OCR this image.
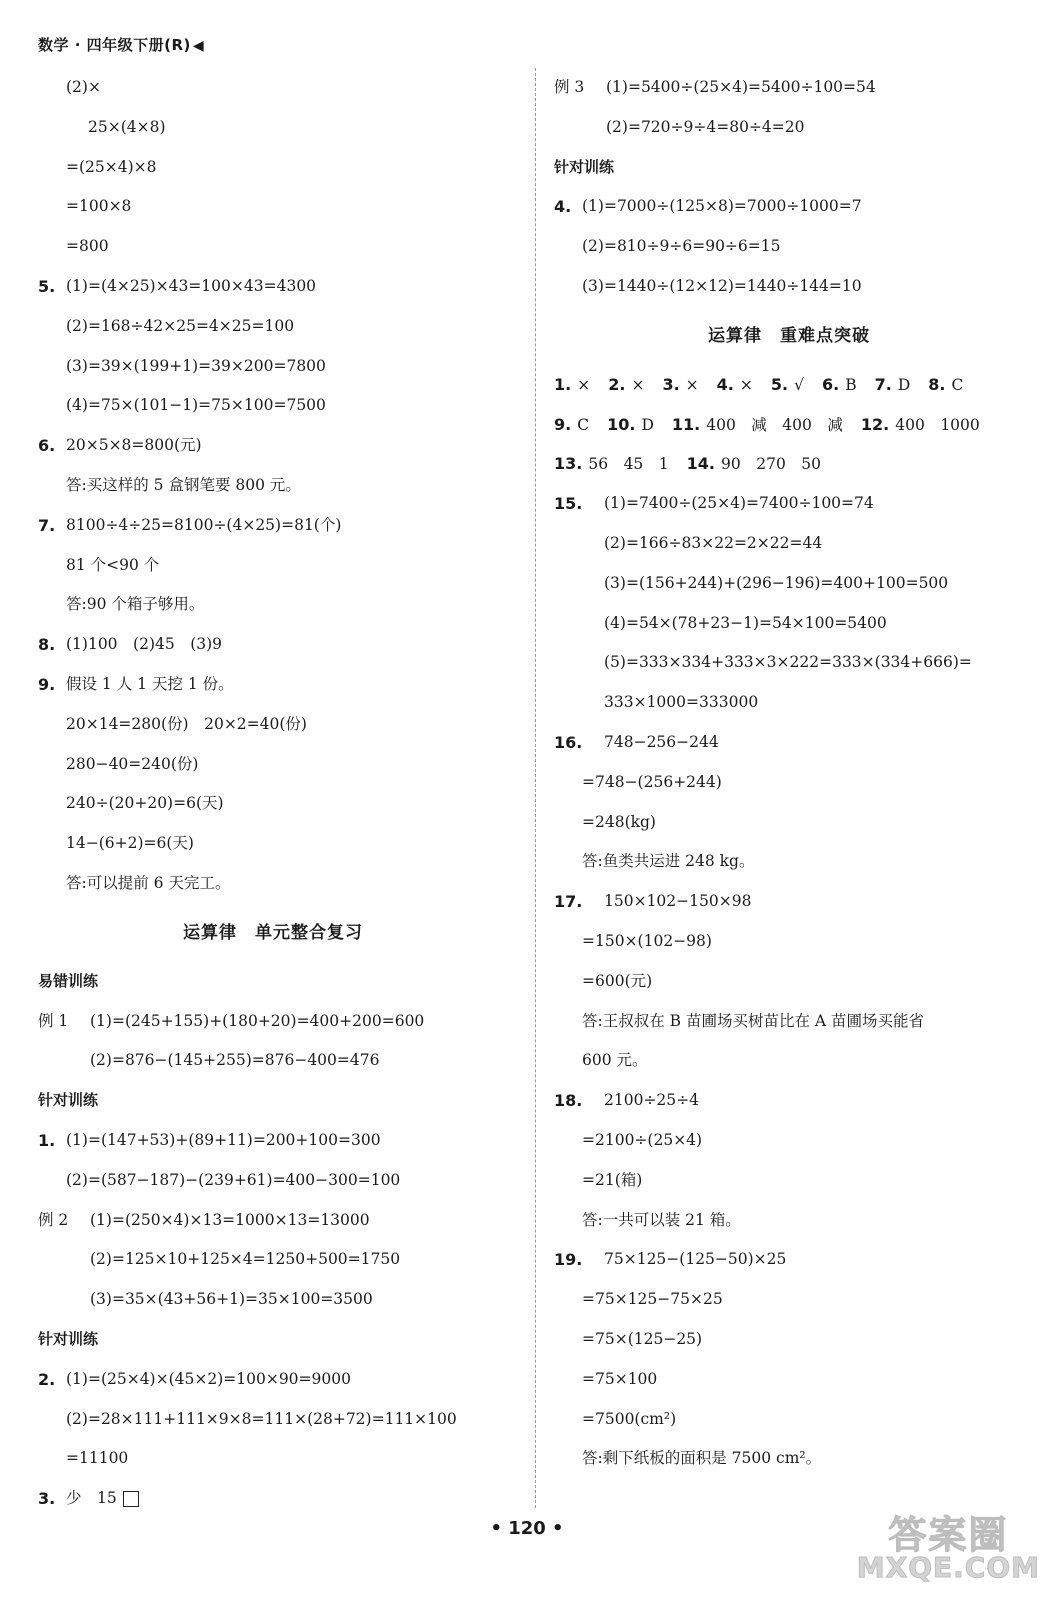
数学 · 四年级下册(R) ◀
(2)×
25×(4×8)
=(25×4)×8
=100×8
=800
5. (1)=(4×25)×43=100×43=4300
(2)=168÷42×25=4×25=100
(3)=39×(199+1)=39×200=7800
(4)=75×(101−1)=75×100=7500
6. 20×5×8=800(元)
答:买这样的 5 盒钢笔要 800 元。
7. 8100÷4÷25=8100÷(4×25)=81(个)
81 个<90 个
答:90 个箱子够用。
8. (1)100　(2)45　(3)9
9. 假设 1 人 1 天挖 1 份。
20×14=280(份)　20×2=40(份)
280−40=240(份)
240÷(20+20)=6(天)
14−(6+2)=6(天)
答:可以提前 6 天完工。
运算律　单元整合复习
易错训练
例 1 (1)=(245+155)+(180+20)=400+200=600
(2)=876−(145+255)=876−400=476
针对训练
1. (1)=(147+53)+(89+11)=200+100=300
(2)=(587−187)−(239+61)=400−300=100
例 2 (1)=(250×4)×13=1000×13=13000
(2)=125×10+125×4=1250+500=1750
(3)=35×(43+56+1)=35×100=3500
针对训练
2. (1)=(25×4)×(45×2)=100×90=9000
(2)=28×111+111×9×8=111×(28+72)=111×100
=11100
3. 少　15
例 3 (1)=5400÷(25×4)=5400÷100=54
(2)=720÷9÷4=80÷4=20
针对训练
4. (1)=7000÷(125×8)=7000÷1000=7
(2)=810÷9÷6=90÷6=15
(3)=1440÷(12×12)=1440÷144=10
运算律　重难点突破
1. × 2. × 3. × 4. × 5. √ 6. B 7. D 8. C
9. C 10. D 11. 400　减　400　减 12. 400　1000
13. 56　45　1 14. 90　270　50
15. (1)=7400÷(25×4)=7400÷100=74
(2)=166÷83×22=2×22=44
(3)=(156+244)+(296−196)=400+100=500
(4)=54×(78+23−1)=54×100=5400
(5)=333×334+333×3×222=333×(334+666)=
333×1000=333000
16. 748−256−244
=748−(256+244)
=248(kg)
答:鱼类共运进 248 kg。
17. 150×102−150×98
=150×(102−98)
=600(元)
答:王叔叔在 B 苗圃场买树苗比在 A 苗圃场买能省
600 元。
18. 2100÷25÷4
=2100÷(25×4)
=21(箱)
答:一共可以装 21 箱。
19. 75×125−(125−50)×25
=75×125−75×25
=75×(125−25)
=75×100
=7500(cm²)
答:剩下纸板的面积是 7500 cm²。
• 120 •	答案圈
MXQE.COM
